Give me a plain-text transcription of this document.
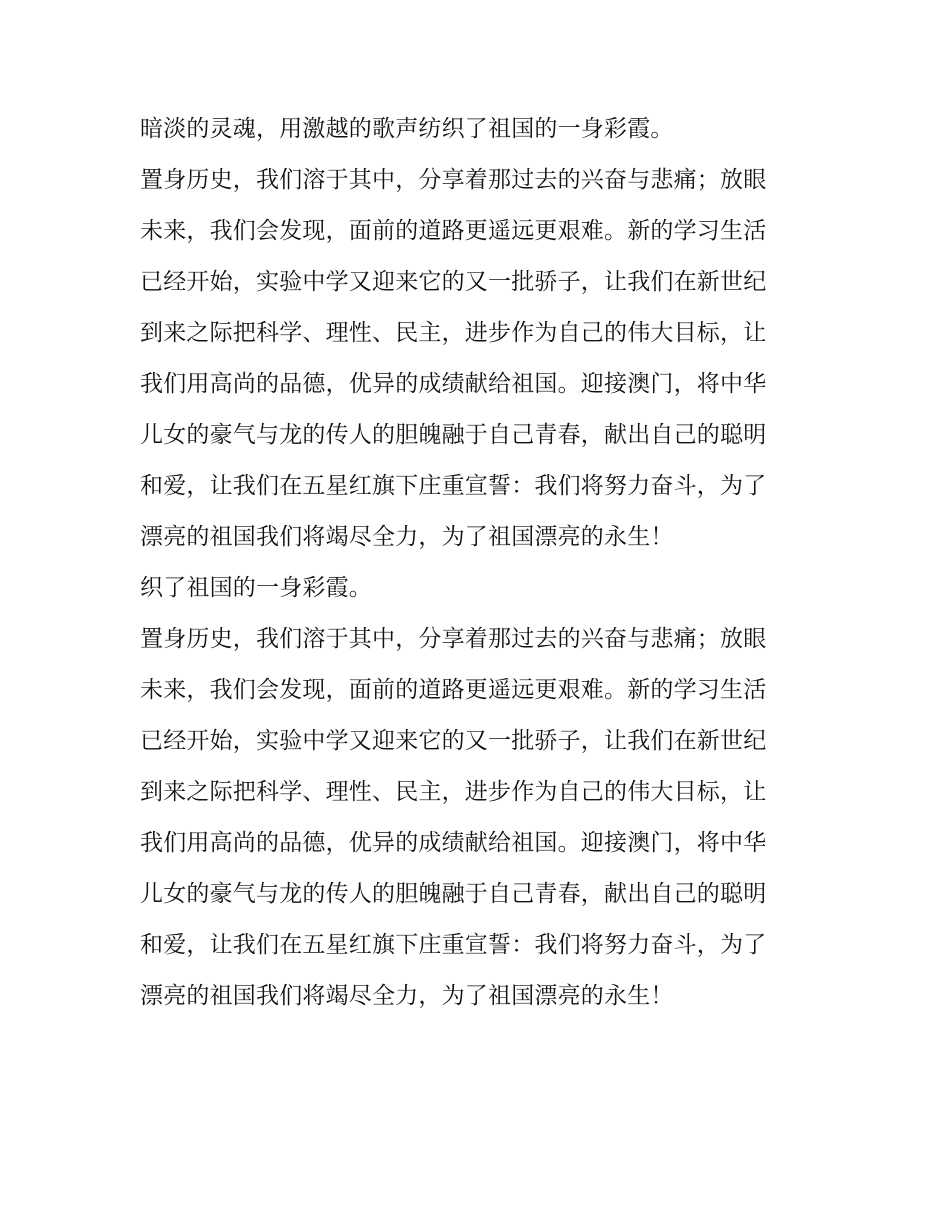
暗淡的灵魂，用激越的歌声纺织了祖国的一身彩霞。
置身历史，我们溶于其中，分享着那过去的兴奋与悲痛；放眼
未来，我们会发现，面前的道路更遥远更艰难。新的学习生活
已经开始，实验中学又迎来它的又一批骄子，让我们在新世纪
到来之际把科学、理性、民主，进步作为自己的伟大目标，让
我们用高尚的品德，优异的成绩献给祖国。迎接澳门，将中华
儿女的豪气与龙的传人的胆魄融于自己青春，献出自己的聪明
和爱，让我们在五星红旗下庄重宣誓：我们将努力奋斗，为了
漂亮的祖国我们将竭尽全力，为了祖国漂亮的永生！
织了祖国的一身彩霞。
置身历史，我们溶于其中，分享着那过去的兴奋与悲痛；放眼
未来，我们会发现，面前的道路更遥远更艰难。新的学习生活
已经开始，实验中学又迎来它的又一批骄子，让我们在新世纪
到来之际把科学、理性、民主，进步作为自己的伟大目标，让
我们用高尚的品德，优异的成绩献给祖国。迎接澳门，将中华
儿女的豪气与龙的传人的胆魄融于自己青春，献出自己的聪明
和爱，让我们在五星红旗下庄重宣誓：我们将努力奋斗，为了
漂亮的祖国我们将竭尽全力，为了祖国漂亮的永生！
